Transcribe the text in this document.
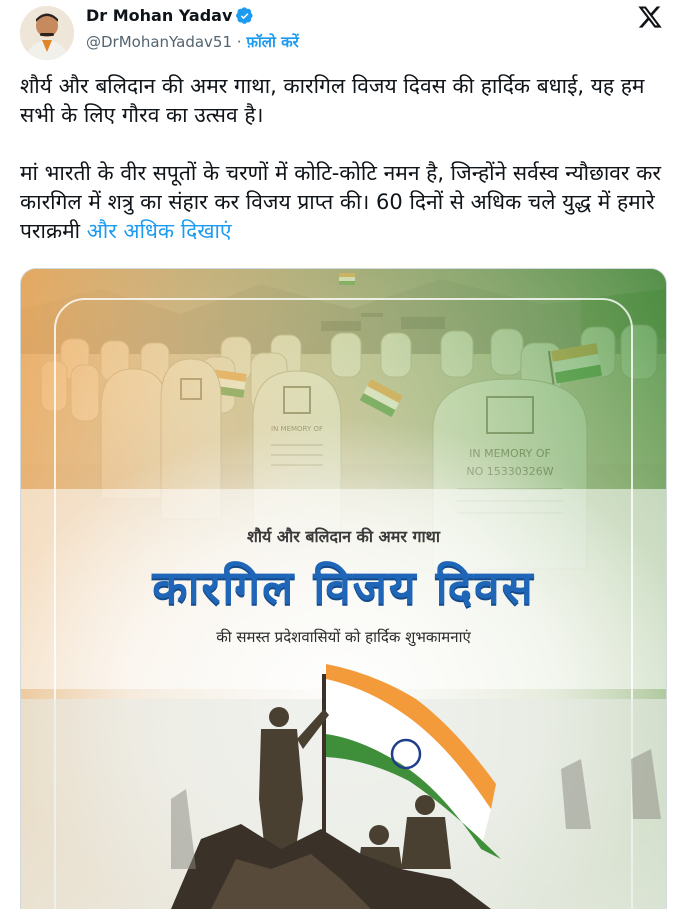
Dr Mohan Yadav
@DrMohanYadav51 · फ़ॉलो करें

शौर्य और बलिदान की अमर गाथा, कारगिल विजय दिवस की हार्दिक बधाई, यह हम सभी के लिए गौरव का उत्सव है।

मां भारती के वीर सपूतों के चरणों में कोटि-कोटि नमन है, जिन्होंने सर्वस्व न्यौछावर कर कारगिल में शत्रु का संहार कर विजय प्राप्त की। 60 दिनों से अधिक चले युद्ध में हमारे पराक्रमी और अधिक दिखाएं

शौर्य और बलिदान की अमर गाथा
कारगिल विजय दिवस
की समस्त प्रदेशवासियों को हार्दिक शुभकामनाएं
